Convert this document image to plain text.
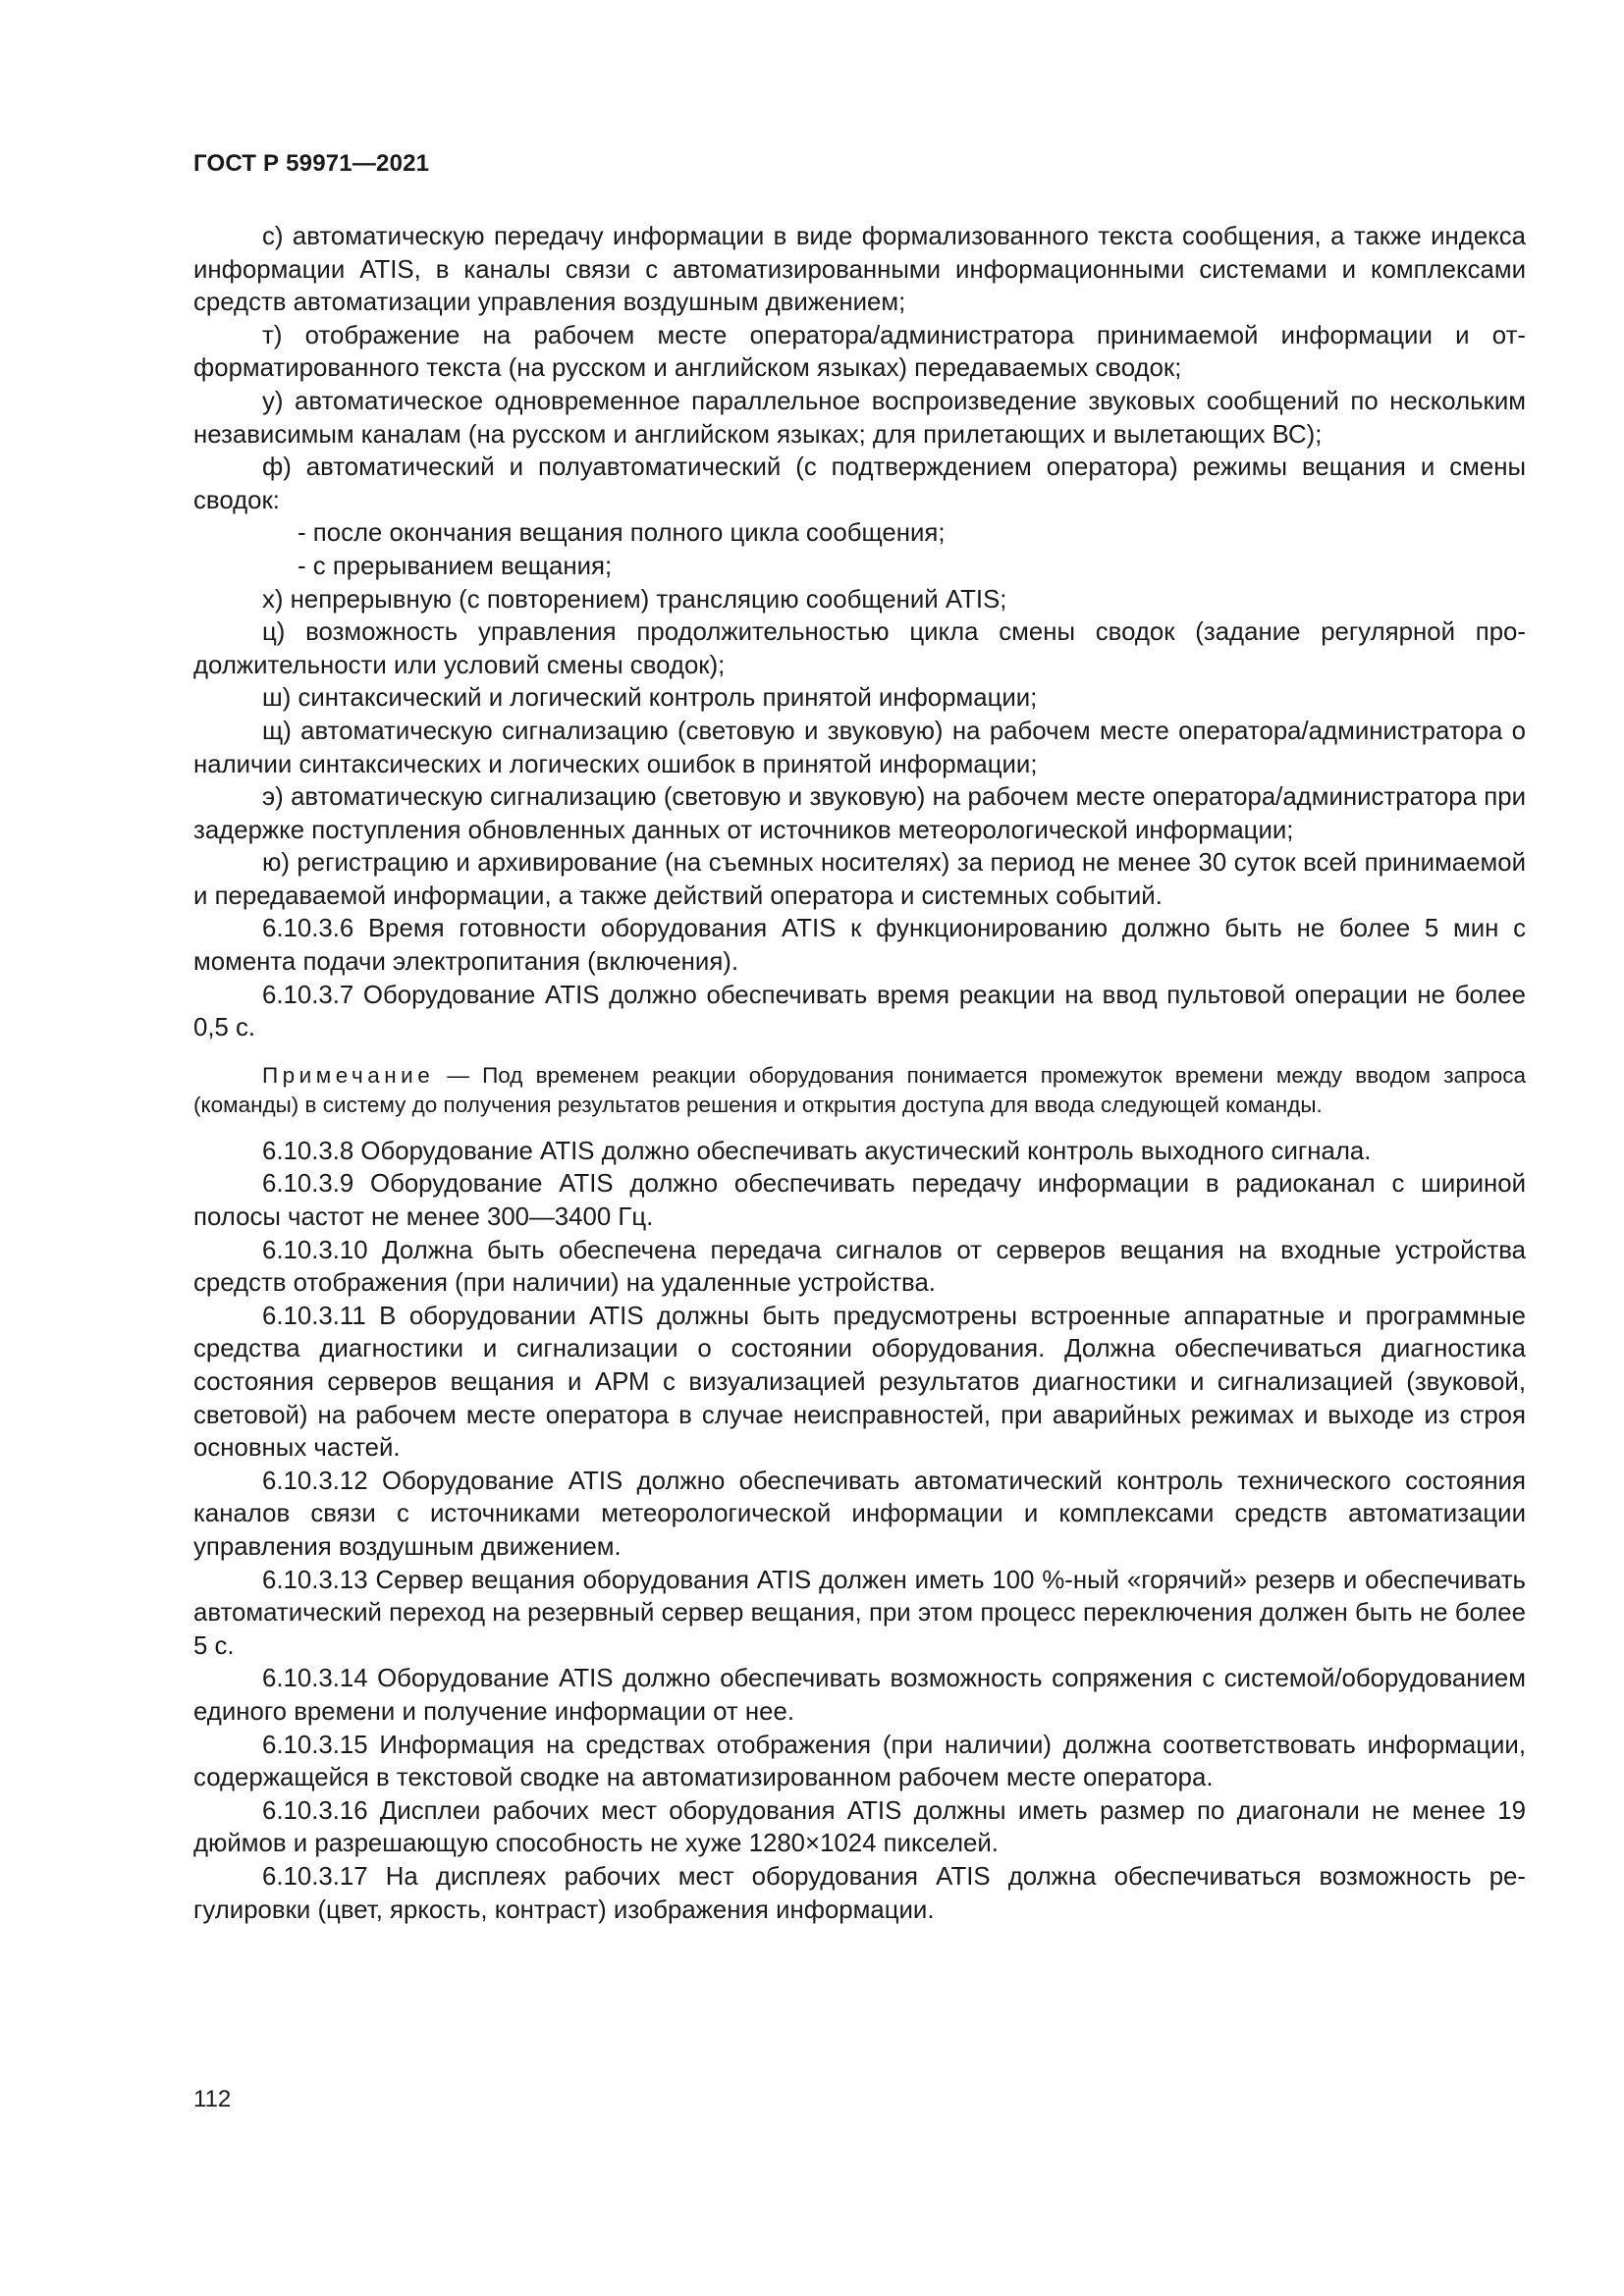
ГОСТ Р 59971—2021

с) автоматическую передачу информации в виде формализованного текста сообщения, а также индекса информации ATIS, в каналы связи с автоматизированными информационными системами и комплексами средств автоматизации управления воздушным движением;

т) отображение на рабочем месте оператора/администратора принимаемой информации и отформатированного текста (на русском и английском языках) передаваемых сводок;

у) автоматическое одновременное параллельное воспроизведение звуковых сообщений по нескольким независимым каналам (на русском и английском языках; для прилетающих и вылетающих ВС);

ф) автоматический и полуавтоматический (с подтверждением оператора) режимы вещания и смены сводок:

- после окончания вещания полного цикла сообщения;

- с прерыванием вещания;

х) непрерывную (с повторением) трансляцию сообщений ATIS;

ц) возможность управления продолжительностью цикла смены сводок (задание регулярной продолжительности или условий смены сводок);

ш) синтаксический и логический контроль принятой информации;

щ) автоматическую сигнализацию (световую и звуковую) на рабочем месте оператора/администратора о наличии синтаксических и логических ошибок в принятой информации;

э) автоматическую сигнализацию (световую и звуковую) на рабочем месте оператора/администратора при задержке поступления обновленных данных от источников метеорологической информации;

ю) регистрацию и архивирование (на съемных носителях) за период не менее 30 суток всей принимаемой и передаваемой информации, а также действий оператора и системных событий.

6.10.3.6 Время готовности оборудования ATIS к функционированию должно быть не более 5 мин с момента подачи электропитания (включения).

6.10.3.7 Оборудование ATIS должно обеспечивать время реакции на ввод пультовой операции не более 0,5 с.

Примечание — Под временем реакции оборудования понимается промежуток времени между вводом запроса (команды) в систему до получения результатов решения и открытия доступа для ввода следующей команды.

6.10.3.8 Оборудование ATIS должно обеспечивать акустический контроль выходного сигнала.

6.10.3.9 Оборудование ATIS должно обеспечивать передачу информации в радиоканал с шириной полосы частот не менее 300—3400 Гц.

6.10.3.10 Должна быть обеспечена передача сигналов от серверов вещания на входные устройства средств отображения (при наличии) на удаленные устройства.

6.10.3.11 В оборудовании ATIS должны быть предусмотрены встроенные аппаратные и программные средства диагностики и сигнализации о состоянии оборудования. Должна обеспечиваться диагностика состояния серверов вещания и АРМ с визуализацией результатов диагностики и сигнализацией (звуковой, световой) на рабочем месте оператора в случае неисправностей, при аварийных режимах и выходе из строя основных частей.

6.10.3.12 Оборудование ATIS должно обеспечивать автоматический контроль технического состояния каналов связи с источниками метеорологической информации и комплексами средств автоматизации управления воздушным движением.

6.10.3.13 Сервер вещания оборудования ATIS должен иметь 100 %-ный «горячий» резерв и обеспечивать автоматический переход на резервный сервер вещания, при этом процесс переключения должен быть не более 5 с.

6.10.3.14 Оборудование ATIS должно обеспечивать возможность сопряжения с системой/оборудованием единого времени и получение информации от нее.

6.10.3.15 Информация на средствах отображения (при наличии) должна соответствовать информации, содержащейся в текстовой сводке на автоматизированном рабочем месте оператора.

6.10.3.16 Дисплеи рабочих мест оборудования ATIS должны иметь размер по диагонали не менее 19 дюймов и разрешающую способность не хуже 1280×1024 пикселей.

6.10.3.17 На дисплеях рабочих мест оборудования ATIS должна обеспечиваться возможность регулировки (цвет, яркость, контраст) изображения информации.

112
